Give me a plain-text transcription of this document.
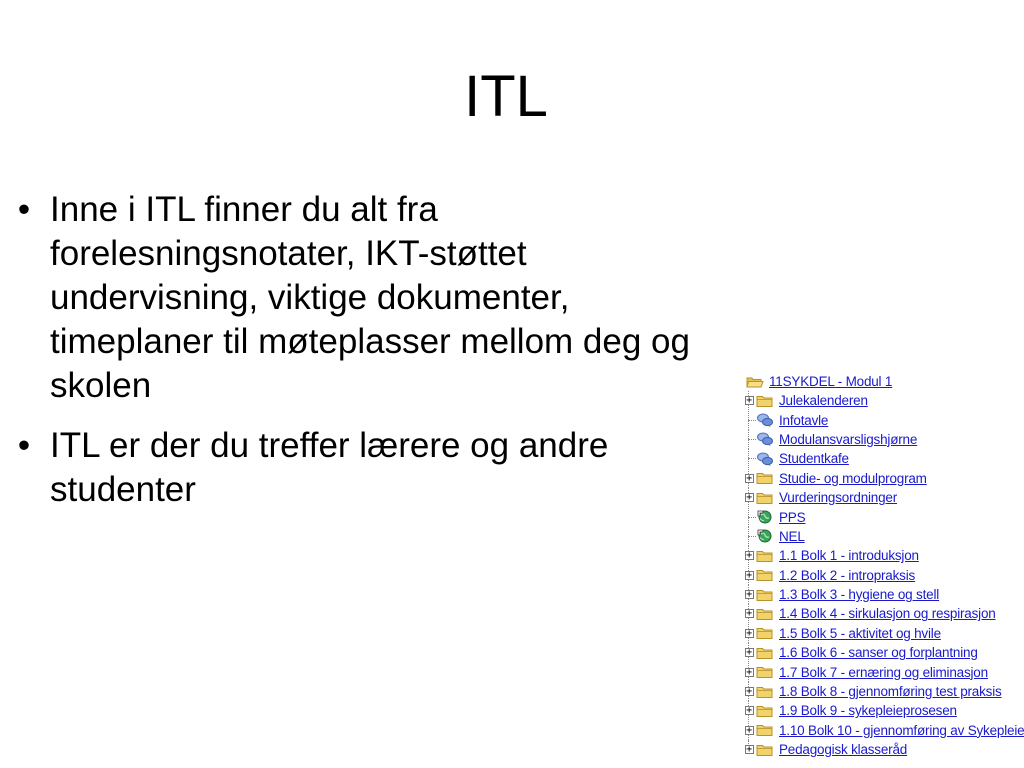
ITL
• Inne i ITL finner du alt fra forelesningsnotater, IKT-støttet undervisning, viktige dokumenter, timeplaner til møteplasser mellom deg og skolen
• ITL er der du treffer lærere og andre studenter
11SYKDEL - Modul 1
+ Julekalenderen
Infotavle
Modulansvarsligshjørne
Studentkafe
+ Studie- og modulprogram
+ Vurderingsordninger
PPS
NEL
+ 1.1 Bolk 1 - introduksjon
+ 1.2 Bolk 2 - intropraksis
+ 1.3 Bolk 3 - hygiene og stell
+ 1.4 Bolk 4 - sirkulasjon og respirasjon
+ 1.5 Bolk 5 - aktivitet og hvile
+ 1.6 Bolk 6 - sanser og forplantning
+ 1.7 Bolk 7 - ernæring og eliminasjon
+ 1.8 Bolk 8 - gjennomføring test praksis
+ 1.9 Bolk 9 - sykepleieprosesen
+ 1.10 Bolk 10 - gjennomføring av Sykepleie
+ Pedagogisk klasseråd
